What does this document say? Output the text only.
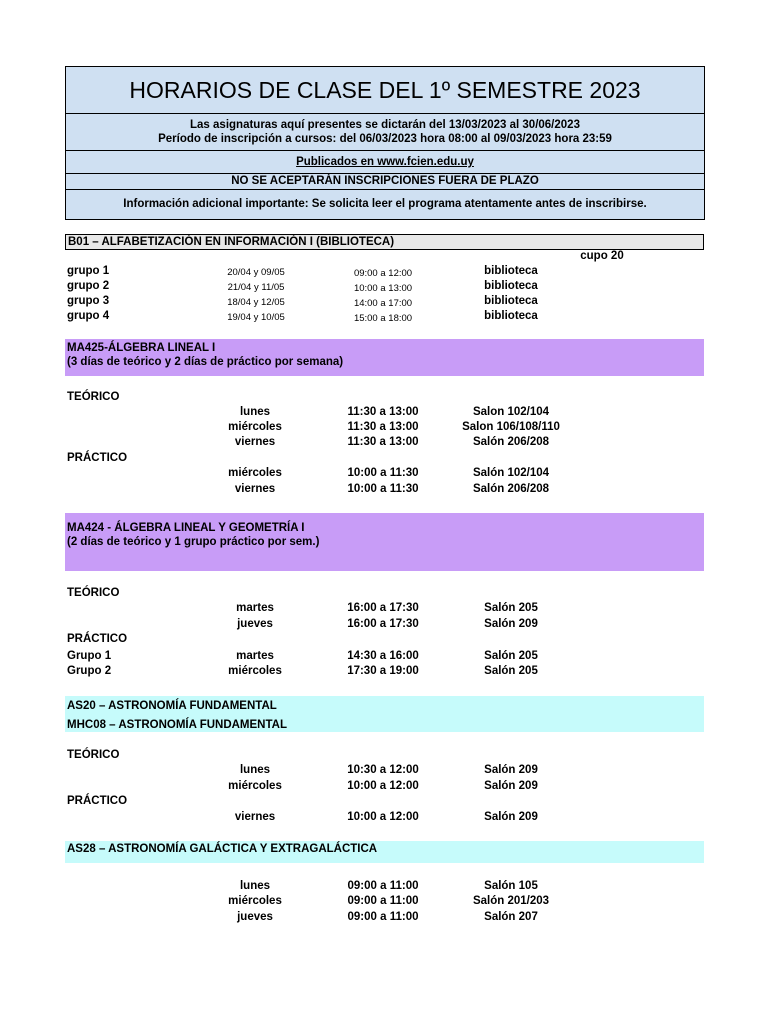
HORARIOS DE CLASE DEL 1º SEMESTRE 2023
Las asignaturas aquí presentes se dictarán del 13/03/2023 al 30/06/2023
Período de inscripción a cursos: del 06/03/2023 hora 08:00 al 09/03/2023 hora 23:59
Publicados en www.fcien.edu.uy
NO SE ACEPTARÁN INSCRIPCIONES FUERA DE PLAZO
Información adicional importante: Se solicita leer el programa atentamente antes de inscribirse.
B01 – ALFABETIZACIÓN EN INFORMACIÓN I (BIBLIOTECA)
cupo 20
grupo 1	20/04 y 09/05	09:00 a 12:00	biblioteca
grupo 2	21/04 y 11/05	10:00 a 13:00	biblioteca
grupo 3	18/04 y 12/05	14:00 a 17:00	biblioteca
grupo 4	19/04 y 10/05	15:00 a 18:00	biblioteca
MA425-ÁLGEBRA LINEAL I
(3 días de teórico y 2 días de práctico por semana)
TEÓRICO
lunes	11:30 a 13:00	Salon 102/104
miércoles	11:30 a 13:00	Salon 106/108/110
viernes	11:30 a 13:00	Salón 206/208
PRÁCTICO
miércoles	10:00 a 11:30	Salón 102/104
viernes	10:00 a 11:30	Salón 206/208
MA424 - ÁLGEBRA LINEAL Y GEOMETRÍA I
(2 días de teórico y 1 grupo práctico por sem.)
TEÓRICO
martes	16:00 a 17:30	Salón 205
jueves	16:00 a 17:30	Salón 209
PRÁCTICO
Grupo 1	martes	14:30 a 16:00	Salón 205
Grupo 2	miércoles	17:30 a 19:00	Salón 205
AS20 – ASTRONOMÍA FUNDAMENTAL
MHC08 – ASTRONOMÍA FUNDAMENTAL
TEÓRICO
lunes	10:30 a 12:00	Salón 209
miércoles	10:00 a 12:00	Salón 209
PRÁCTICO
viernes	10:00 a 12:00	Salón 209
AS28 – ASTRONOMÍA GALÁCTICA Y EXTRAGALÁCTICA
lunes	09:00 a 11:00	Salón 105
miércoles	09:00 a 11:00	Salón 201/203
jueves	09:00 a 11:00	Salón 207
